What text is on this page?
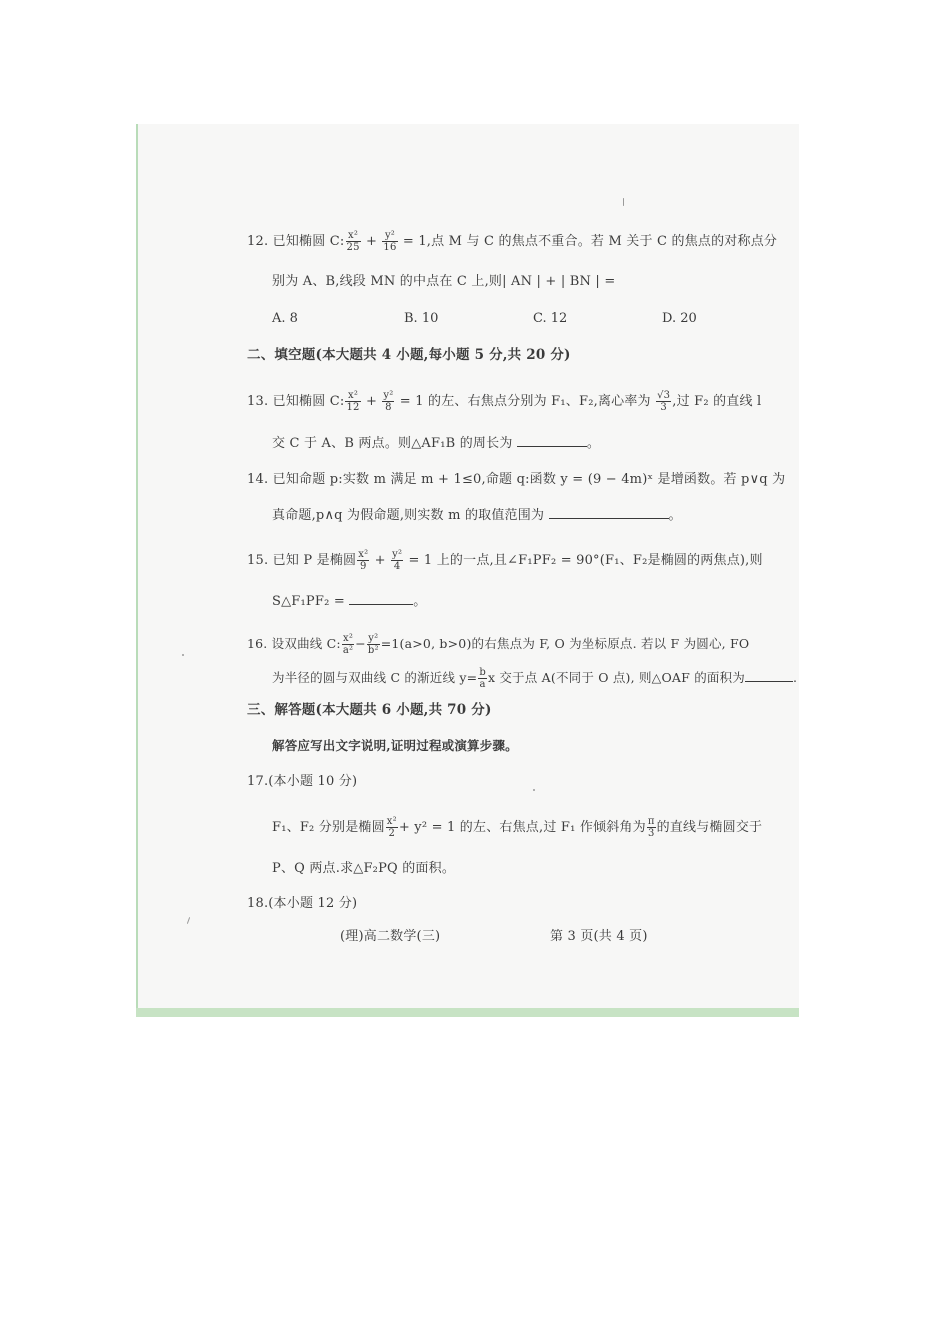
12. 已知椭圆 C: $\frac{\text{x²}}{25} + \frac{\text{y²}}{16} = 1$,点 M 与 C 的焦点不重合。若 M 关于 C 的焦点的对称点分
别为 A、B,线段 MN 的中点在 C 上,则| AN | + | BN | =
A. 8	B. 10	C. 12	D. 20
二、填空题(本大题共 4 小题,每小题 5 分,共 20 分)
13. 已知椭圆 C: $\frac{\text{x²}}{12} + \frac{\text{y²}}{8} = 1$ 的左、右焦点分别为 F₁、F₂,离心率为 $\frac{√3}{3}$ ,过 F₂ 的直线 l
交 C 于 A、B 两点。则△AF₁B 的周长为	。
14. 已知命题 p:实数 m 满足 m + 1≤0,命题 q:函数 y = (9 − 4m)ˣ 是增函数。若 p∨q 为
真命题,p∧q 为假命题,则实数 m 的取值范围为	。
15. 已知 P 是椭圆 $\frac{\text{x²}}{9} + \frac{\text{y²}}{4} = 1$ 上的一点,且∠F₁PF₂ = 90°(F₁、F₂是椭圆的两焦点),则
S△F₁PF₂ =	。
16. 设双曲线 C: $\frac{\text{x²}}{\text{a²}} - \frac{\text{y²}}{\text{b²}} =1(a>0$, b>0)的右焦点为 F, O 为坐标原点. 若以 F 为圆心, FO
为半径的圆与双曲线 C 的渐近线 $y= \frac{b}{a}$ x 交于点 A(不同于 O 点), 则△OAF 的面积为	.
三、解答题(本大题共 6 小题,共 70 分)
解答应写出文字说明,证明过程或演算步骤。
17.(本小题 10 分)
F₁、F₂ 分别是椭圆 $\frac{\text{x²}}{2} + y^2 = 1$ 的左、右焦点,过 F₁ 作倾斜角为 $\frac{\pi}{3}$ 的直线与椭圆交于
P、Q 两点.求△F₂PQ 的面积。
18.(本小题 12 分)
(理)高二数学(三)	第 3 页(共 4 页)
